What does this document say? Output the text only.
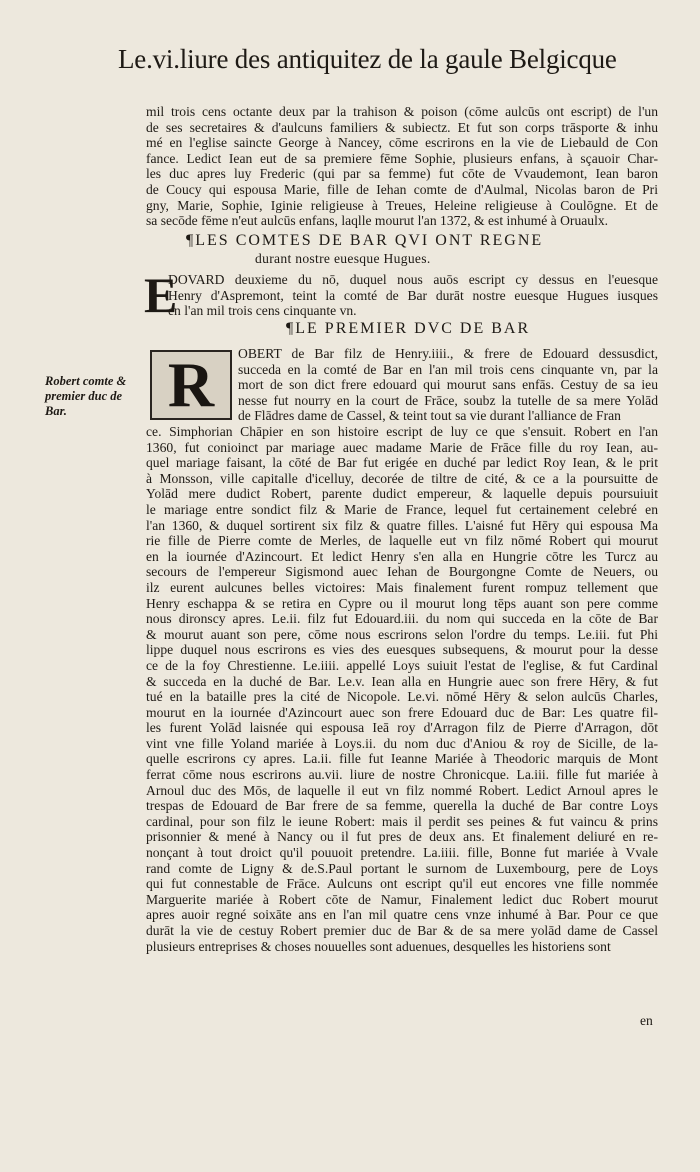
Le.vi.liure des antiquitez de la gaule Belgicque
mil trois cens octante deux par la trahison & poison (cōme aulcūs ont escript) de l'un
de ses secretaires & d'aulcuns familiers & subiectz. Et fut son corps trāsporte & inhu
mé en l'eglise saincte George à Nancey, cōme escrirons en la vie de Liebauld de Con
fance. Ledict Iean eut de sa premiere fēme Sophie, plusieurs enfans, à sçauoir Char-
les duc apres luy Frederic (qui par sa femme) fut cōte de Vvaudemont, Iean baron
de Coucy qui espousa Marie, fille de Iehan comte de d'Aulmal, Nicolas baron de Pri
gny, Marie, Sophie, Iginie religieuse à Treues, Heleine religieuse à Coulōgne. Et de
sa secōde fēme n'eut aulcūs enfans, laqlle mourut l'an 1372, & est inhumé à Oruaulx.
¶LES COMTES DE BAR QVI ONT REGNE
durant nostre euesque Hugues.
E
DOVARD deuxieme du nō, duquel nous auōs escript cy dessus en l'euesque
Henry d'Aspremont, teint la comté de Bar durāt nostre euesque Hugues iusques
en l'an mil trois cens cinquante vn.
¶LE PREMIER DVC DE BAR
R	OBERT de Bar filz de Henry.iiii., & frere de Edouard dessusdict,
succeda en la comté de Bar en l'an mil trois cens cinquante vn, par la
mort de son dict frere edouard qui mourut sans enfās. Cestuy de sa ieu
nesse fut nourry en la court de Frāce, soubz la tutelle de sa mere Yolād
de Flādres dame de Cassel, & teint tout sa vie durant l'alliance de Fran
Robert comte &
premier duc de
Bar.
ce. Simphorian Chāpier en son histoire escript de luy ce que s'ensuit. Robert en l'an
1360, fut conioinct par mariage auec madame Marie de Frāce fille du roy Iean, au-
quel mariage faisant, la cōté de Bar fut erigée en duché par ledict Roy Iean, & le prit
à Monsson, ville capitalle d'icelluy, decorée de tiltre de cité, & ce a la poursuitte de
Yolād mere dudict Robert, parente dudict empereur, & laquelle depuis poursuiuit
le mariage entre sondict filz & Marie de France, lequel fut certainement celebré en
l'an 1360, & duquel sortirent six filz & quatre filles. L'aisné fut Hēry qui espousa Ma
rie fille de Pierre comte de Merles, de laquelle eut vn filz nōmé Robert qui mourut
en la iournée d'Azincourt. Et ledict Henry s'en alla en Hungrie cōtre les Turcz au
secours de l'empereur Sigismond auec Iehan de Bourgongne Comte de Neuers, ou
ilz eurent aulcunes belles victoires: Mais finalement furent rompuz tellement que
Henry eschappa & se retira en Cypre ou il mourut long tēps auant son pere comme
nous dironscy apres. Le.ii. filz fut Edouard.iii. du nom qui succeda en la cōte de Bar
& mourut auant son pere, cōme nous escrirons selon l'ordre du temps. Le.iii. fut Phi
lippe duquel nous escrirons es vies des euesques subsequens, & mourut pour la desse
ce de la foy Chrestienne. Le.iiii. appellé Loys suiuit l'estat de l'eglise, & fut Cardinal
& succeda en la duché de Bar. Le.v. Iean alla en Hungrie auec son frere Hēry, & fut
tué en la bataille pres la cité de Nicopole. Le.vi. nōmé Hēry & selon aulcūs Charles,
mourut en la iournée d'Azincourt auec son frere Edouard duc de Bar: Les quatre fil-
les furent Yolād laisnée qui espousa Ieā roy d'Arragon filz de Pierre d'Arragon, dōt
vint vne fille Yoland mariée à Loys.ii. du nom duc d'Aniou & roy de Sicille, de la-
quelle escrirons cy apres. La.ii. fille fut Ieanne Mariée à Theodoric marquis de Mont
ferrat cōme nous escrirons au.vii. liure de nostre Chronicque. La.iii. fille fut mariée à
Arnoul duc des Mōs, de laquelle il eut vn filz nommé Robert. Ledict Arnoul apres le
trespas de Edouard de Bar frere de sa femme, querella la duché de Bar contre Loys
cardinal, pour son filz le ieune Robert: mais il perdit ses peines & fut vaincu & prins
prisonnier & mené à Nancy ou il fut pres de deux ans. Et finalement deliuré en re-
nonçant à tout droict qu'il pouuoit pretendre. La.iiii. fille, Bonne fut mariée à Vvale
rand comte de Ligny & de.S.Paul portant le surnom de Luxembourg, pere de Loys
qui fut connestable de Frāce. Aulcuns ont escript qu'il eut encores vne fille nommée
Marguerite mariée à Robert cōte de Namur, Finalement ledict duc Robert mourut
apres auoir regné soixāte ans en l'an mil quatre cens vnze inhumé à Bar. Pour ce que
durāt la vie de cestuy Robert premier duc de Bar & de sa mere yolād dame de Cassel
plusieurs entreprises & choses nouuelles sont aduenues, desquelles les historiens sont
en
